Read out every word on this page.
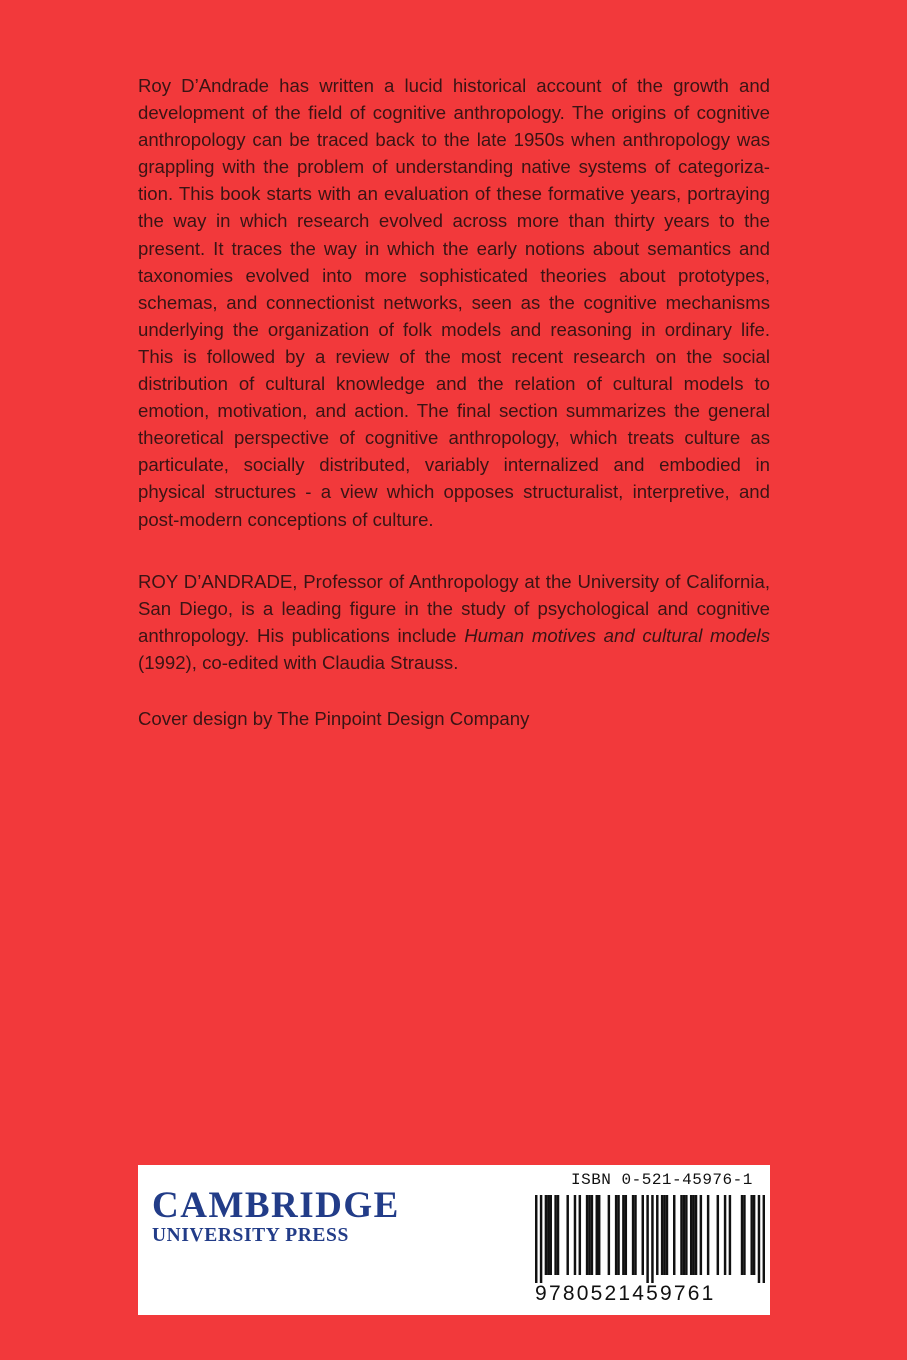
Roy D’Andrade has written a lucid historical account of the growth and development of the field of cognitive anthropology. The origins of cognitive anthropology can be traced back to the late 1950s when anthropology was grappling with the problem of understanding native systems of categorization. This book starts with an evaluation of these formative years, portraying the way in which research evolved across more than thirty years to the present. It traces the way in which the early notions about semantics and taxonomies evolved into more sophisticated theories about prototypes, schemas, and connectionist networks, seen as the cognitive mechanisms underlying the organization of folk models and reasoning in ordinary life. This is followed by a review of the most recent research on the social distribution of cultural knowledge and the relation of cultural models to emotion, motivation, and action. The final section summarizes the general theoretical perspective of cognitive anthropology, which treats culture as particulate, socially distributed, variably internalized and embodied in physical structures - a view which opposes structuralist, interpretive, and post-modern conceptions of culture.

ROY D’ANDRADE, Professor of Anthropology at the University of California, San Diego, is a leading figure in the study of psychological and cognitive anthropology. His publications include Human motives and cultural models (1992), co-edited with Claudia Strauss.

Cover design by The Pinpoint Design Company

CAMBRIDGE
UNIVERSITY PRESS
ISBN 0-521-45976-1
9 780521459761
